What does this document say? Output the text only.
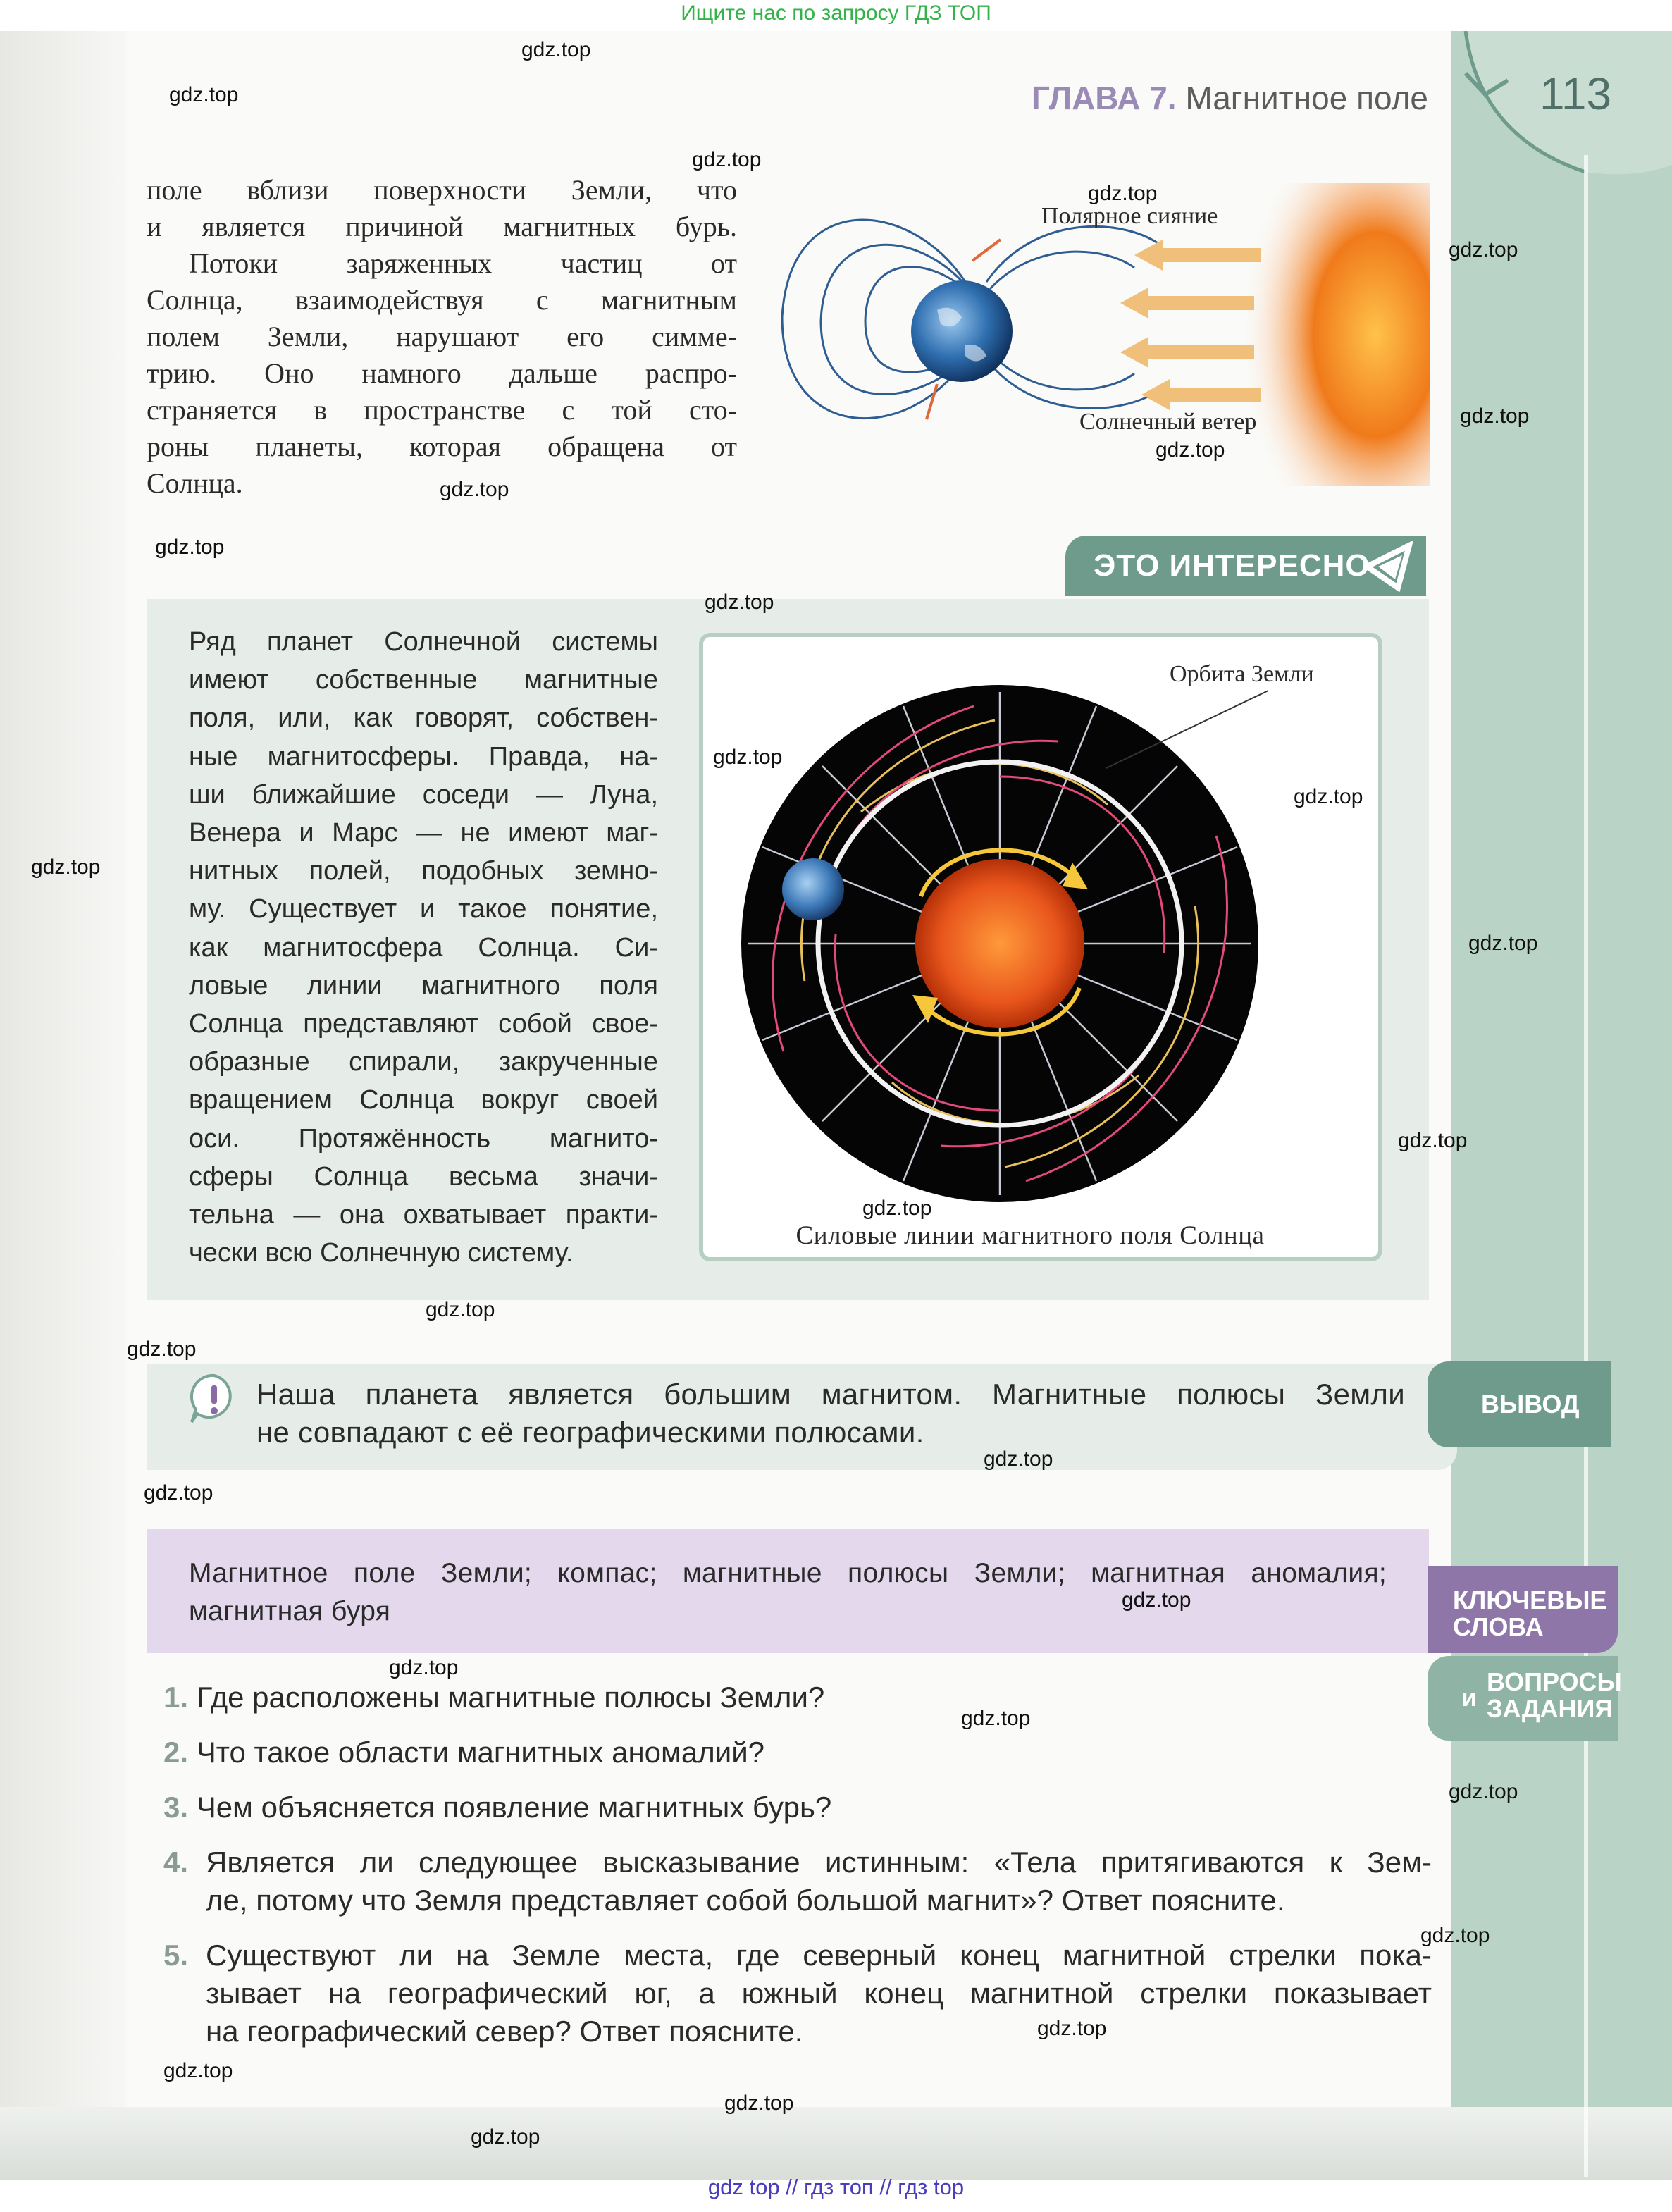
Ищите нас по запросу ГДЗ ТОП
gdz top // гдз топ // гдз top
ГЛАВА 7. Магнитное поле 113
поле вблизи поверхности Земли, что
и является причиной магнитных бурь.
Потоки заряженных частиц от
Солнца, взаимодействуя с магнитным
полем Земли, нарушают его симме-
трию. Оно намного дальше распро-
страняется в пространстве с той сто-
роны планеты, которая обращена от
Солнца.
Полярное сияние
Солнечный ветер
ЭТО ИНТЕРЕСНО
Ряд планет Солнечной системы
имеют собственные магнитные
поля, или, как говорят, собствен-
ные магнитосферы. Правда, на-
ши ближайшие соседи — Луна,
Венера и Марс — не имеют маг-
нитных полей, подобных земно-
му. Существует и такое понятие,
как магнитосфера Солнца. Си-
ловые линии магнитного поля
Солнца представляют собой свое-
образные спирали, закрученные
вращением Солнца вокруг своей
оси. Протяжённость магнито-
сферы Солнца весьма значи-
тельна — она охватывает практи-
чески всю Солнечную систему.
Орбита Земли
Силовые линии магнитного поля Солнца
ВЫВОД
Наша планета является большим магнитом. Магнитные полюсы Земли
не совпадают с её географическими полюсами.
КЛЮЧЕВЫЕ
СЛОВА
Магнитное поле Земли; компас; магнитные полюсы Земли; магнитная аномалия;
магнитная буря
и
ВОПРОСЫ
ЗАДАНИЯ
1. Где расположены магнитные полюсы Земли?
2. Что такое области магнитных аномалий?
3. Чем объясняется появление магнитных бурь?
4. Является ли следующее высказывание истинным: «Тела притягиваются к Зем-
ле, потому что Земля представляет собой большой магнит»? Ответ поясните.
5. Существуют ли на Земле места, где северный конец магнитной стрелки пока-
зывает на географический юг, а южный конец магнитной стрелки показывает
на географический север? Ответ поясните.
gdz.top
gdz.top
gdz.top
gdz.top
gdz.top
gdz.top
gdz.top
gdz.top
gdz.top
gdz.top
gdz.top
gdz.top
gdz.top
gdz.top
gdz.top
gdz.top
gdz.top
gdz.top
gdz.top
gdz.top
gdz.top
gdz.top
gdz.top
gdz.top
gdz.top
gdz.top
gdz.top
gdz.top
gdz.top
